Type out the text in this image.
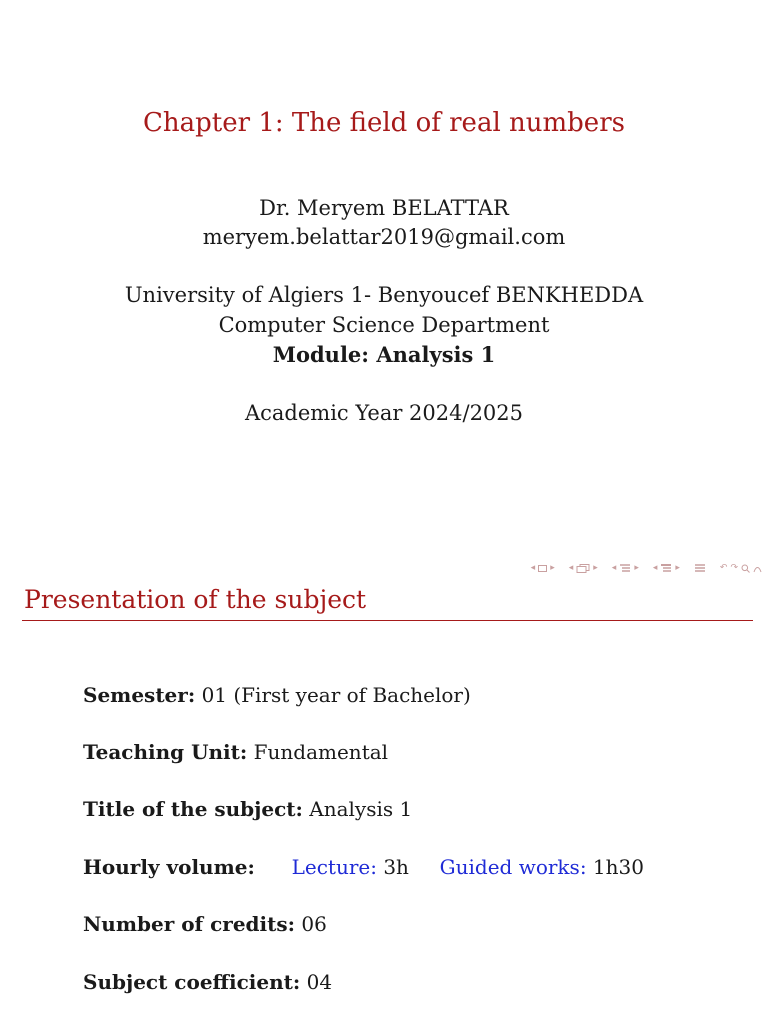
Chapter 1: The field of real numbers
Dr. Meryem BELATTAR
meryem.belattar2019@gmail.com
University of Algiers 1- Benyoucef BENKHEDDA
Computer Science Department
Module: Analysis 1
Academic Year 2024/2025
◂ ▸ ◂ ▸ ◂ ▸ ◂ ▸	↶ ↷
Presentation of the subject
Semester: 01 (First year of Bachelor)
Teaching Unit: Fundamental
Title of the subject: Analysis 1
Hourly volume: Lecture: 3h Guided works: 1h30
Number of credits: 06
Subject coefficient: 04
